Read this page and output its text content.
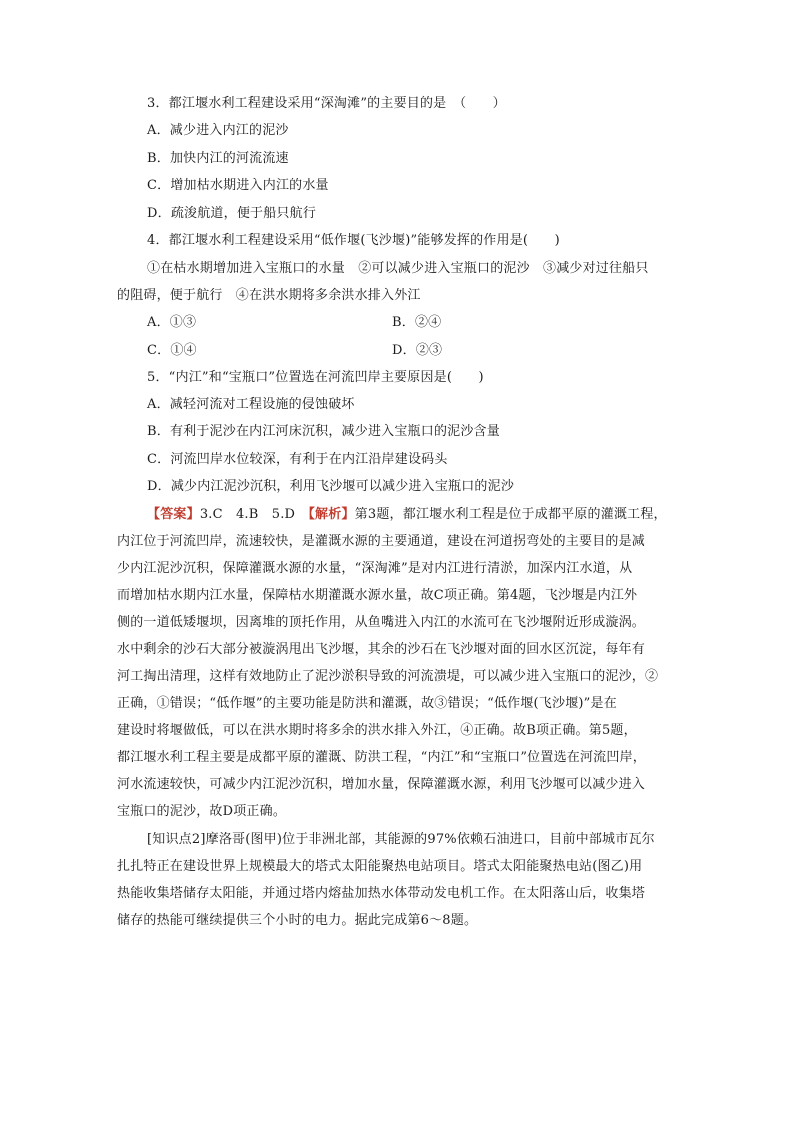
3．都江堰水利工程建设采用“深淘滩”的主要目的是　（　　）
A．减少进入内江的泥沙
B．加快内江的河流流速
C．增加枯水期进入内江的水量
D．疏浚航道，便于船只航行
4．都江堰水利工程建设采用“低作堰(飞沙堰)”能够发挥的作用是(　　)
①在枯水期增加进入宝瓶口的水量　②可以减少进入宝瓶口的泥沙　③减少对过往船只
的阻碍，便于航行　④在洪水期将多余洪水排入外江
A．①③	B．②④
C．①④	D．②③
5．“内江”和“宝瓶口”位置选在河流凹岸主要原因是(　　)
A．减轻河流对工程设施的侵蚀破坏
B．有利于泥沙在内江河床沉积，减少进入宝瓶口的泥沙含量
C．河流凹岸水位较深，有利于在内江沿岸建设码头
D．减少内江泥沙沉积，利用飞沙堰可以减少进入宝瓶口的泥沙
【答案】3.C　4.B　5.D　【解析】第3题，都江堰水利工程是位于成都平原的灌溉工程，
内江位于河流凹岸，流速较快，是灌溉水源的主要通道，建设在河道拐弯处的主要目的是减
少内江泥沙沉积，保障灌溉水源的水量，“深淘滩”是对内江进行清淤，加深内江水道，从
而增加枯水期内江水量，保障枯水期灌溉水源水量，故C项正确。第4题，飞沙堰是内江外
侧的一道低矮堰坝，因离堆的顶托作用，从鱼嘴进入内江的水流可在飞沙堰附近形成漩涡。
水中剩余的沙石大部分被漩涡甩出飞沙堰，其余的沙石在飞沙堰对面的回水区沉淀，每年有
河工掏出清理，这样有效地防止了泥沙淤积导致的河流溃堤，可以减少进入宝瓶口的泥沙，②
正确，①错误；“低作堰”的主要功能是防洪和灌溉，故③错误；“低作堰(飞沙堰)”是在
建设时将堰做低，可以在洪水期时将多余的洪水排入外江，④正确。故B项正确。第5题，
都江堰水利工程主要是成都平原的灌溉、防洪工程，“内江”和“宝瓶口”位置选在河流凹岸，
河水流速较快，可减少内江泥沙沉积，增加水量，保障灌溉水源，利用飞沙堰可以减少进入
宝瓶口的泥沙，故D项正确。
[知识点2]摩洛哥(图甲)位于非洲北部，其能源的97%依赖石油进口，目前中部城市瓦尔
扎扎特正在建设世界上规模最大的塔式太阳能聚热电站项目。塔式太阳能聚热电站(图乙)用
热能收集塔储存太阳能，并通过塔内熔盐加热水体带动发电机工作。在太阳落山后，收集塔
储存的热能可继续提供三个小时的电力。据此完成第6～8题。
